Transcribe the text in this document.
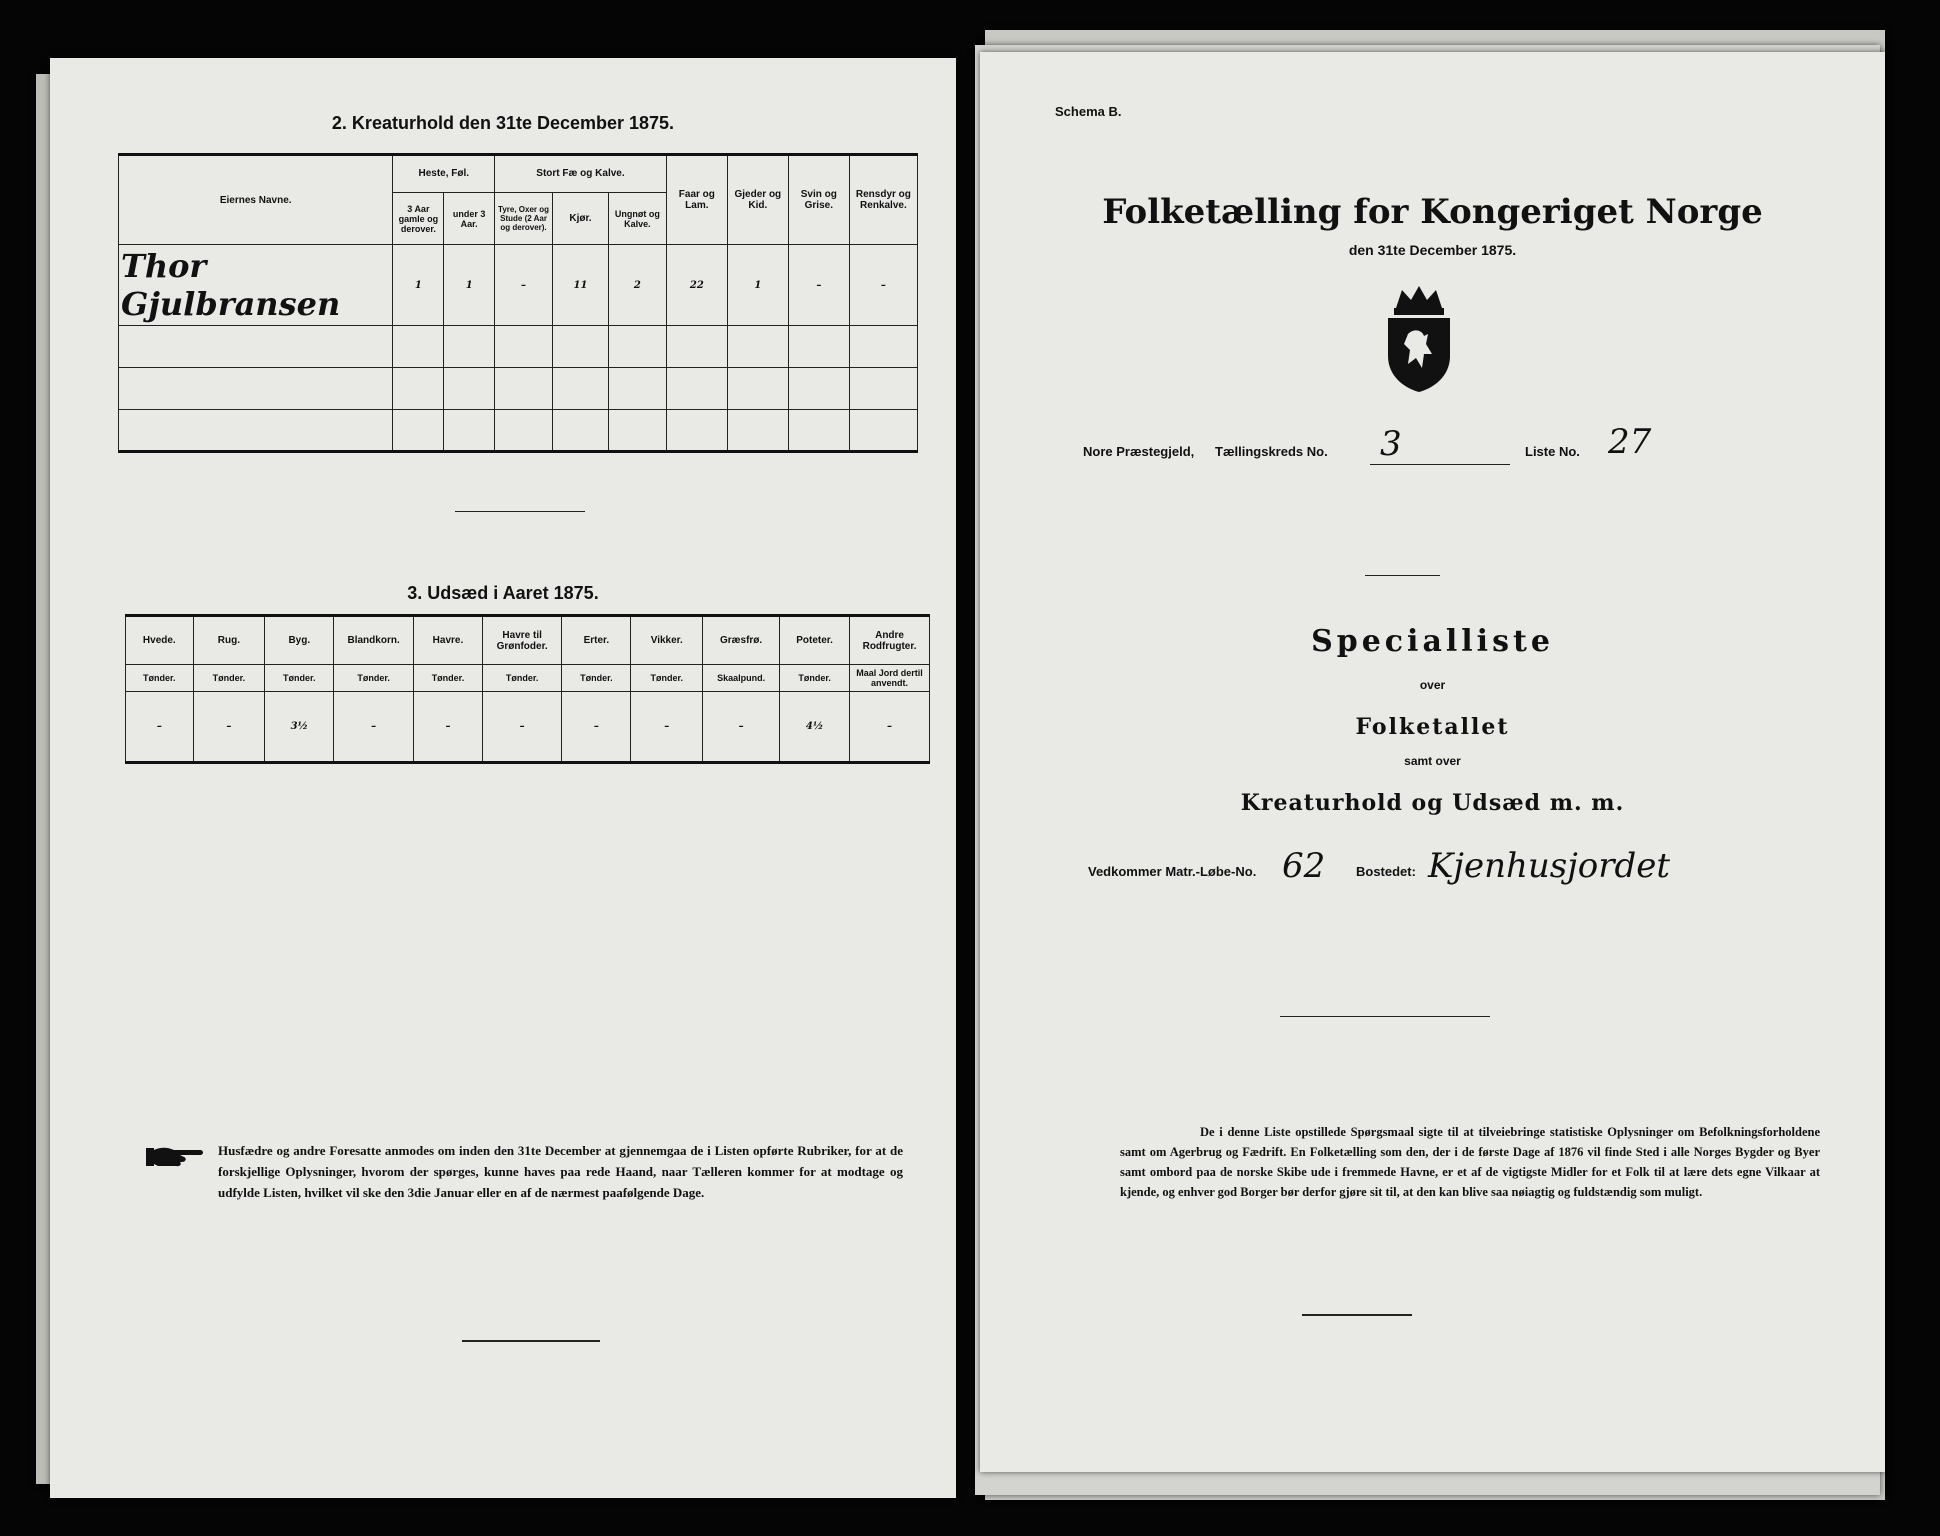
2. Kreaturhold den 31te December 1875.
Eiernes Navne.	Heste, Føl.		Stort Fæ og Kalve.			Faar og Lam.	Gjeder og Kid.	Svin og Grise.	Rensdyr og Renkalve.
	3 Aar gamle og derover.	under 3 Aar.	Tyre, Oxer og Stude (2 Aar og derover).	Kjør.	Ungnøt og Kalve.				
Thor Gjulbransen	1	1	–	11	2	22	1	–	–

3. Udsæd i Aaret 1875.
Hvede.	Rug.	Byg.	Blandkorn.	Havre.	Havre til Grønfoder.	Erter.	Vikker.	Græsfrø.	Poteter.	Andre Rodfrugter.
Tønder.	Tønder.	Tønder.	Tønder.	Tønder.	Tønder.	Tønder.	Tønder.	Skaalpund.	Tønder.	Maal Jord dertil anvendt.
–	–	3½	–	–	–	–	–	–	4½	–
Husfædre og andre Foresatte anmodes om inden den 31te December at gjennemgaa de i Listen opførte Rubriker, for at de forskjellige Oplysninger, hvorom der spørges, kunne haves paa rede Haand, naar Tælleren kommer for at modtage og udfylde Listen, hvilket vil ske den 3die Januar eller en af de nærmest paafølgende Dage.
Schema B.
Folketælling for Kongeriget Norge
den 31te December 1875.
Nore Præstegjeld, Tællingskreds No. 3	Liste No. 27
Specialliste
over
Folketallet
samt over
Kreaturhold og Udsæd m. m.
Vedkommer Matr.-Løbe-No. 62 Bostedet: Kjenhusjordet
De i denne Liste opstillede Spørgsmaal sigte til at tilveiebringe statistiske Oplysninger om Befolkningsforholdene samt om Agerbrug og Fædrift. En Folketælling som den, der i de første Dage af 1876 vil finde Sted i alle Norges Bygder og Byer samt ombord paa de norske Skibe ude i fremmede Havne, er et af de vigtigste Midler for et Folk til at lære dets egne Vilkaar at kjende, og enhver god Borger bør derfor gjøre sit til, at den kan blive saa nøiagtig og fuldstændig som muligt.
